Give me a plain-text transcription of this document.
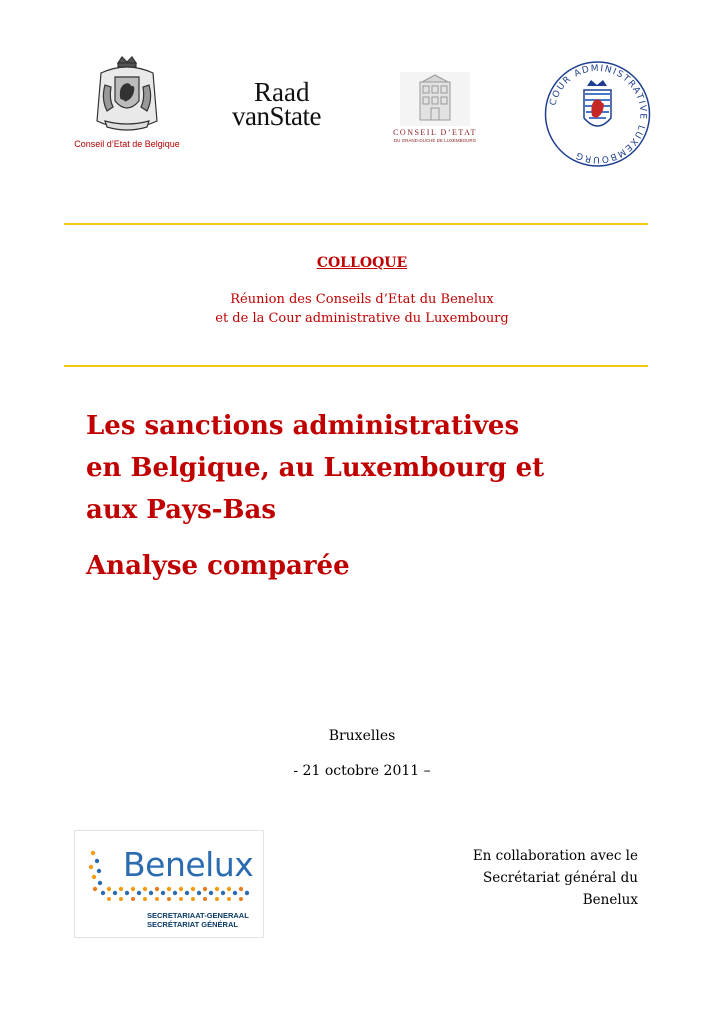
Conseil d’Etat de Belgique
Raad
vanState
CONSEIL D’ETAT
DU GRAND-DUCHÉ DE LUXEMBOURG
COUR ADMINISTRATIVE LUXEMBOURG
COLLOQUE
Réunion des Conseils d’Etat du Benelux
et de la Cour administrative du Luxembourg
Les sanctions administratives
en Belgique, au Luxembourg et
aux Pays-Bas
Analyse comparée
Bruxelles
- 21 octobre 2011 –
Benelux
SECRETARIAAT-GENERAAL
SECRÉTARIAT GÉNÉRAL
En collaboration avec le
Secrétariat général du
Benelux
